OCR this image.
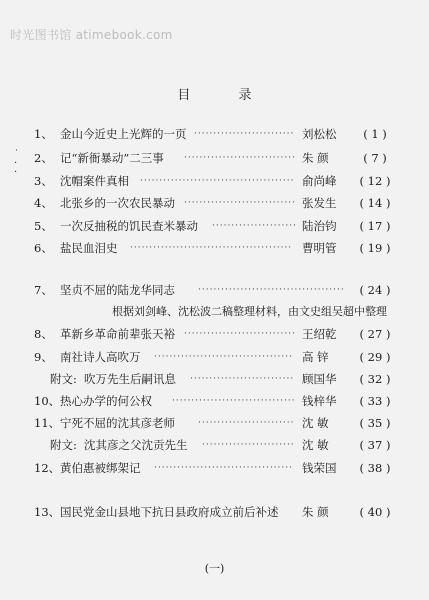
时光图书馆 atimebook.com
目 录
˙
·
·
1、 金山今近史上光辉的一页 ·························· 刘松松	( 1 )
2、 记“新衙暴动”二三事 ····························· 朱 颜	( 7 )
3、 沈帽案件真相 ········································ 俞尚峰	( 12 )
4、 北张乡的一次农民暴动 ····························· 张发生	( 14 )
5、 一次反抽税的饥民查米暴动 ······················ 陆治钧	( 17 )
6、 盐民血泪史 ·········································· 曹明管	( 19 )
7、 坚贞不屈的陆龙华同志	······································	( 24 )
根据刘剑峰、沈松波二稿整理材料，由文史组吴超中整理
8、 革新乡革命前辈张天裕 ····························· 王绍乾	( 27 )
9、 南社诗人高吹万 ···································· 高 锌	( 29 )
附文: 吹万先生后嗣讯息 ··························· 顾国华	( 32 )
10、 热心办学的何公权 ································ 钱梓华	( 33 )
11、 宁死不屈的沈其彦老师	························· 沈 敏	( 35 )
附文: 沈其彦之父沈贡先生 ························ 沈 敏	( 37 )
12、 黄伯惠被绑架记 ···································· 钱荣国	( 38 )
13、 国民党金山县地下抗日县政府成立前后补述 朱 颜	( 40 )
(一)
